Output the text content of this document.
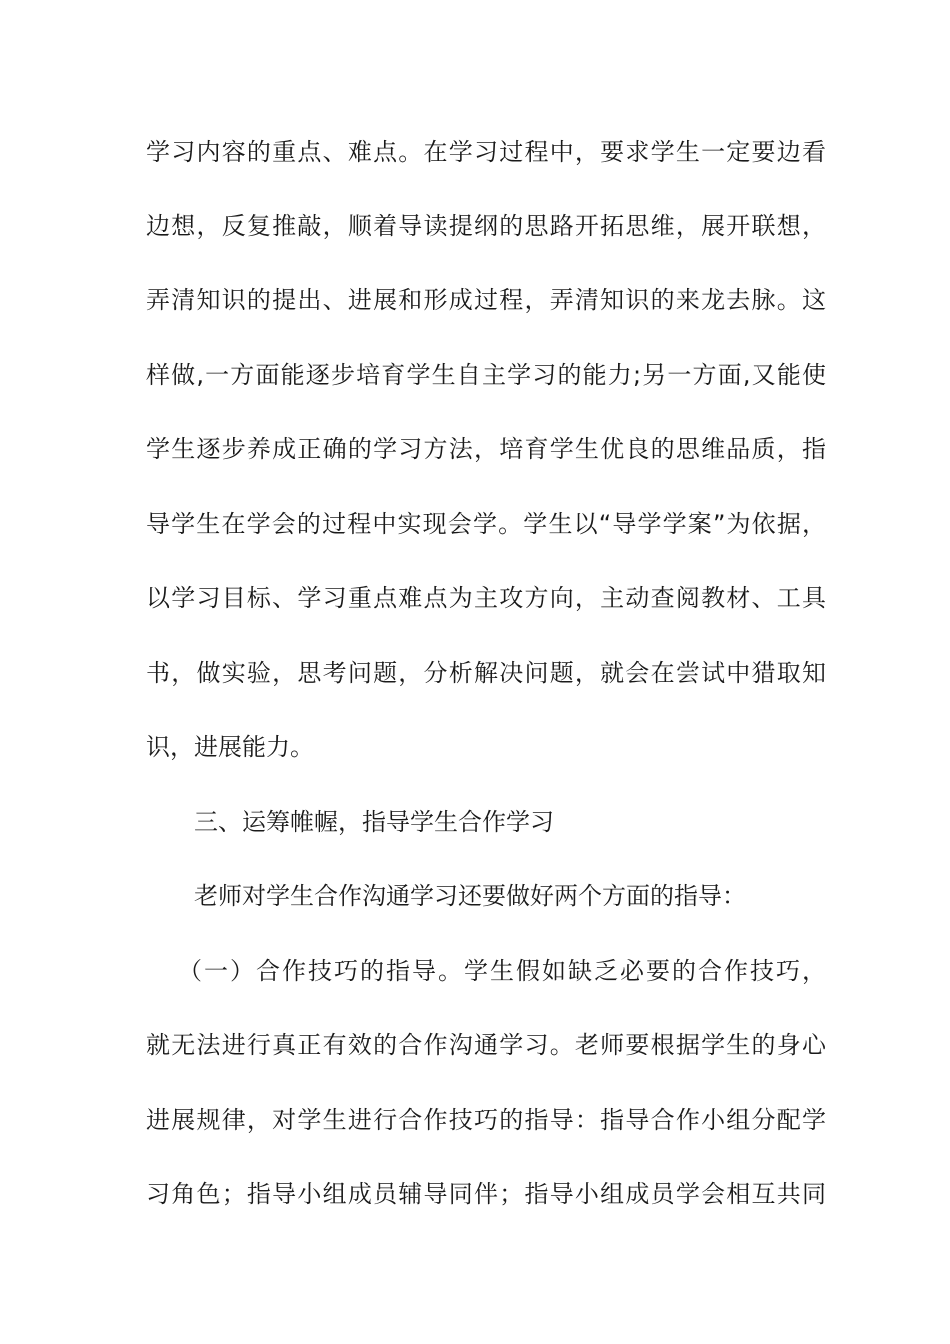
学习内容的重点、难点。在学习过程中，要求学生一定要边看
边想，反复推敲，顺着导读提纲的思路开拓思维，展开联想，
弄清知识的提出、进展和形成过程，弄清知识的来龙去脉。这
样做,一方面能逐步培育学生自主学习的能力;另一方面,又能使
学生逐步养成正确的学习方法，培育学生优良的思维品质，指
导学生在学会的过程中实现会学。学生以“导学学案”为依据，
以学习目标、学习重点难点为主攻方向，主动查阅教材、工具
书，做实验，思考问题，分析解决问题，就会在尝试中猎取知
识，进展能力。
三、运筹帷幄，指导学生合作学习
老师对学生合作沟通学习还要做好两个方面的指导：
（一）合作技巧的指导。学生假如缺乏必要的合作技巧，
就无法进行真正有效的合作沟通学习。老师要根据学生的身心
进展规律，对学生进行合作技巧的指导：指导合作小组分配学
习角色；指导小组成员辅导同伴；指导小组成员学会相互共同
